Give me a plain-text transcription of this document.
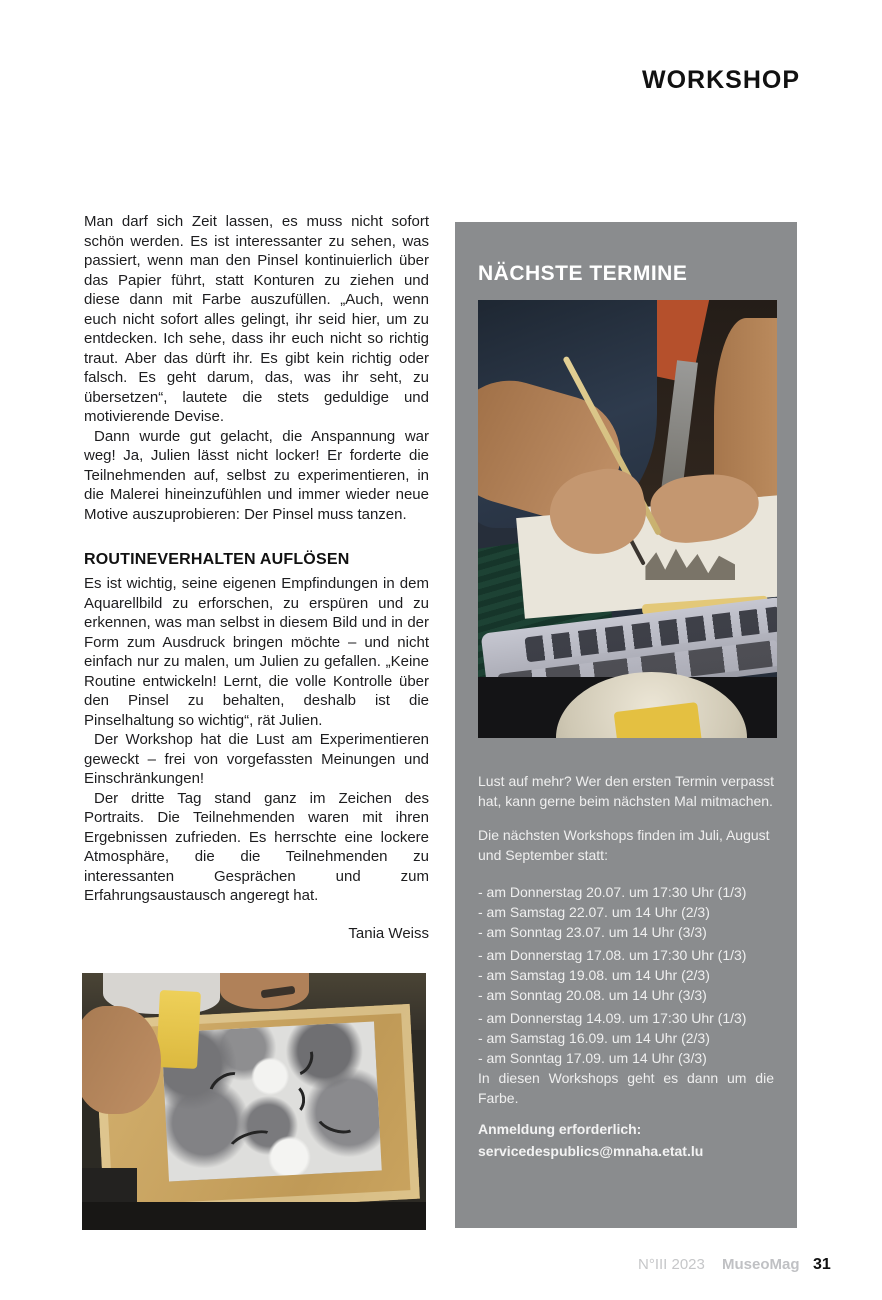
WORKSHOP

Man darf sich Zeit lassen, es muss nicht sofort schön werden. Es ist interessanter zu sehen, was passiert, wenn man den Pinsel kontinuierlich über das Papier führt, statt Konturen zu ziehen und diese dann mit Farbe auszufüllen. „Auch, wenn euch nicht sofort alles gelingt, ihr seid hier, um zu entdecken. Ich sehe, dass ihr euch nicht so richtig traut. Aber das dürft ihr. Es gibt kein richtig oder falsch. Es geht darum, das, was ihr seht, zu übersetzen“, lautete die stets geduldige und motivierende Devise.

Dann wurde gut gelacht, die Anspannung war weg! Ja, Julien lässt nicht locker! Er forderte die Teilnehmenden auf, selbst zu experimentieren, in die Malerei hineinzufühlen und immer wieder neue Motive auszuprobieren: Der Pinsel muss tanzen.

ROUTINEVERHALTEN AUFLÖSEN

Es ist wichtig, seine eigenen Empfindungen in dem Aquarellbild zu erforschen, zu erspüren und zu erkennen, was man selbst in diesem Bild und in der Form zum Ausdruck bringen möchte – und nicht einfach nur zu malen, um Julien zu gefallen. „Keine Routine entwickeln! Lernt, die volle Kontrolle über den Pinsel zu behalten, deshalb ist die Pinselhaltung so wichtig“, rät Julien.

Der Workshop hat die Lust am Experimentieren geweckt – frei von vorgefassten Meinungen und Einschränkungen!

Der dritte Tag stand ganz im Zeichen des Portraits. Die Teilnehmenden waren mit ihren Ergebnissen zufrieden. Es herrschte eine lockere Atmosphäre, die die Teilnehmenden zu interessanten Gesprächen und zum Erfahrungsaustausch angeregt hat.

Tania Weiss
NÄCHSTE TERMINE

Lust auf mehr? Wer den ersten Termin verpasst hat, kann gerne beim nächsten Mal mitmachen.

Die nächsten Workshops finden im Juli, August und September statt:

- am Donnerstag 20.07. um 17:30 Uhr (1/3)
- am Samstag 22.07. um 14 Uhr (2/3)
- am Sonntag 23.07. um 14 Uhr (3/3)
- am Donnerstag 17.08. um 17:30 Uhr (1/3)
- am Samstag 19.08. um 14 Uhr (2/3)
- am Sonntag 20.08. um 14 Uhr (3/3)
- am Donnerstag 14.09. um 17:30 Uhr (1/3)
- am Samstag 16.09. um 14 Uhr (2/3)
- am Sonntag 17.09. um 14 Uhr (3/3)

In diesen Workshops geht es dann um die Farbe.

Anmeldung erforderlich:
servicedespublics@mnaha.etat.lu
N°III 2023 MuseoMag 31
